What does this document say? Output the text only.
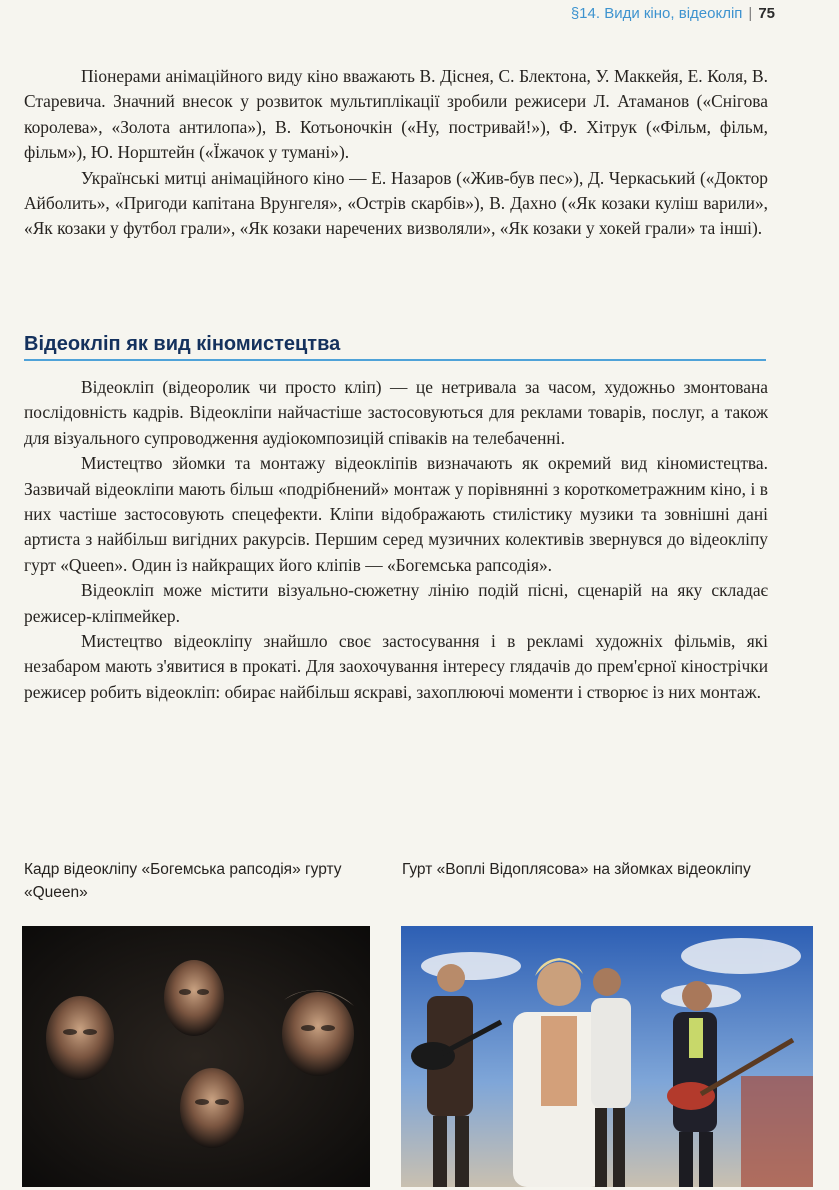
§14. Види кіно, відеокліп | 75

Піонерами анімаційного виду кіно вважають В. Діснея, С. Блектона, У. Маккейя, Е. Коля, В. Старевича. Значний внесок у розвиток мультиплікації зробили режисери Л. Атаманов («Снігова королева», «Золота антилопа»), В. Котьоночкін («Ну, постривай!»), Ф. Хітрук («Фільм, фільм, фільм»), Ю. Норштейн («Їжачок у тумані»).

Українські митці анімаційного кіно — Е. Назаров («Жив-був пес»), Д. Черкаський («Доктор Айболить», «Пригоди капітана Врунгеля», «Острів скарбів»), В. Дахно («Як козаки куліш варили», «Як козаки у футбол грали», «Як козаки наречених визволяли», «Як козаки у хокей грали» та інші).

Відеокліп як вид кіномистецтва

Відеокліп (відеоролик чи просто кліп) — це нетривала за часом, художньо змонтована послідовність кадрів. Відеокліпи найчастіше застосовуються для реклами товарів, послуг, а також для візуального супроводження аудіокомпозицій співаків на телебаченні.

Мистецтво зйомки та монтажу відеокліпів визначають як окремий вид кіномистецтва. Зазвичай відеокліпи мають більш «подрібнений» монтаж у порівнянні з короткометражним кіно, і в них частіше застосовують спецефекти. Кліпи відображають стилістику музики та зовнішні дані артиста з найбільш вигідних ракурсів. Першим серед музичних колективів звернувся до відеокліпу гурт «Queen». Один із найкращих його кліпів — «Богемська рапсодія».

Відеокліп може містити візуально-сюжетну лінію подій пісні, сценарій на яку складає режисер-кліпмейкер.

Мистецтво відеокліпу знайшло своє застосування і в рекламі художніх фільмів, які незабаром мають з'явитися в прокаті. Для заохочування інтересу глядачів до прем'єрної кінострічки режисер робить відеокліп: обирає найбільш яскраві, захоплюючі моменти і створює із них монтаж.

Кадр відеокліпу «Богемська рапсодія» гурту «Queen»
Гурт «Воплі Відоплясова» на зйомках відеокліпу
